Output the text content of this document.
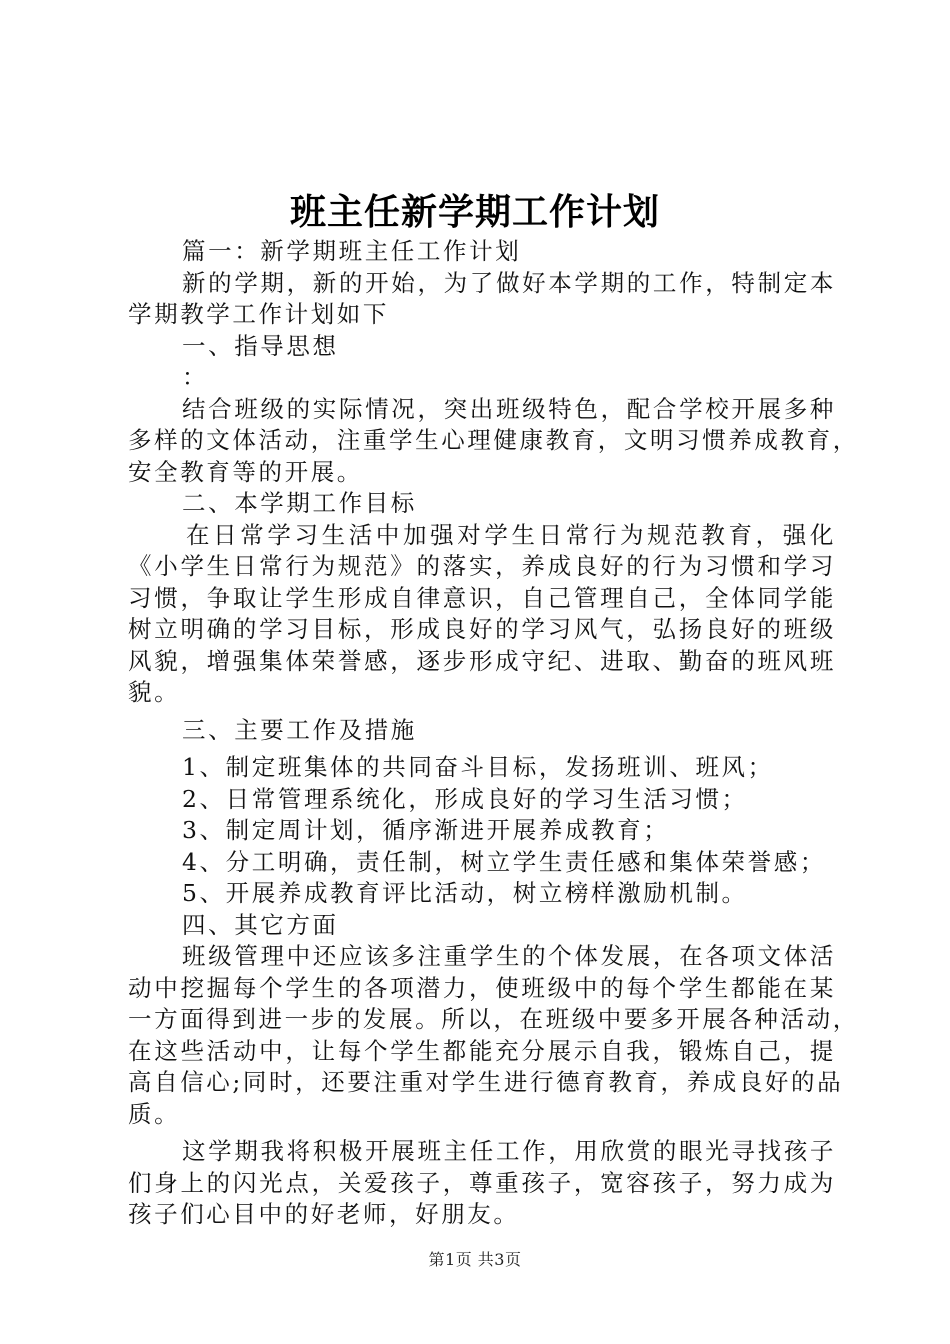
班主任新学期工作计划
篇一：新学期班主任工作计划
新的学期，新的开始，为了做好本学期的工作，特制定本
学期教学工作计划如下
一、指导思想
：
结合班级的实际情况，突出班级特色，配合学校开展多种
多样的文体活动，注重学生心理健康教育，文明习惯养成教育，
安全教育等的开展。
二、本学期工作目标
在日常学习生活中加强对学生日常行为规范教育，强化
《小学生日常行为规范》的落实，养成良好的行为习惯和学习
习惯，争取让学生形成自律意识，自己管理自己，全体同学能
树立明确的学习目标，形成良好的学习风气，弘扬良好的班级
风貌，增强集体荣誉感，逐步形成守纪、进取、勤奋的班风班
貌。
三、主要工作及措施
1、制定班集体的共同奋斗目标，发扬班训、班风；
2、日常管理系统化，形成良好的学习生活习惯；
3、制定周计划，循序渐进开展养成教育；
4、分工明确，责任制，树立学生责任感和集体荣誉感；
5、开展养成教育评比活动，树立榜样激励机制。
四、其它方面
班级管理中还应该多注重学生的个体发展，在各项文体活
动中挖掘每个学生的各项潜力，使班级中的每个学生都能在某
一方面得到进一步的发展。所以，在班级中要多开展各种活动，
在这些活动中，让每个学生都能充分展示自我，锻炼自己，提
高自信心;同时，还要注重对学生进行德育教育，养成良好的品
质。
这学期我将积极开展班主任工作，用欣赏的眼光寻找孩子
们身上的闪光点，关爱孩子，尊重孩子，宽容孩子，努力成为
孩子们心目中的好老师，好朋友。
第1页 共3页
